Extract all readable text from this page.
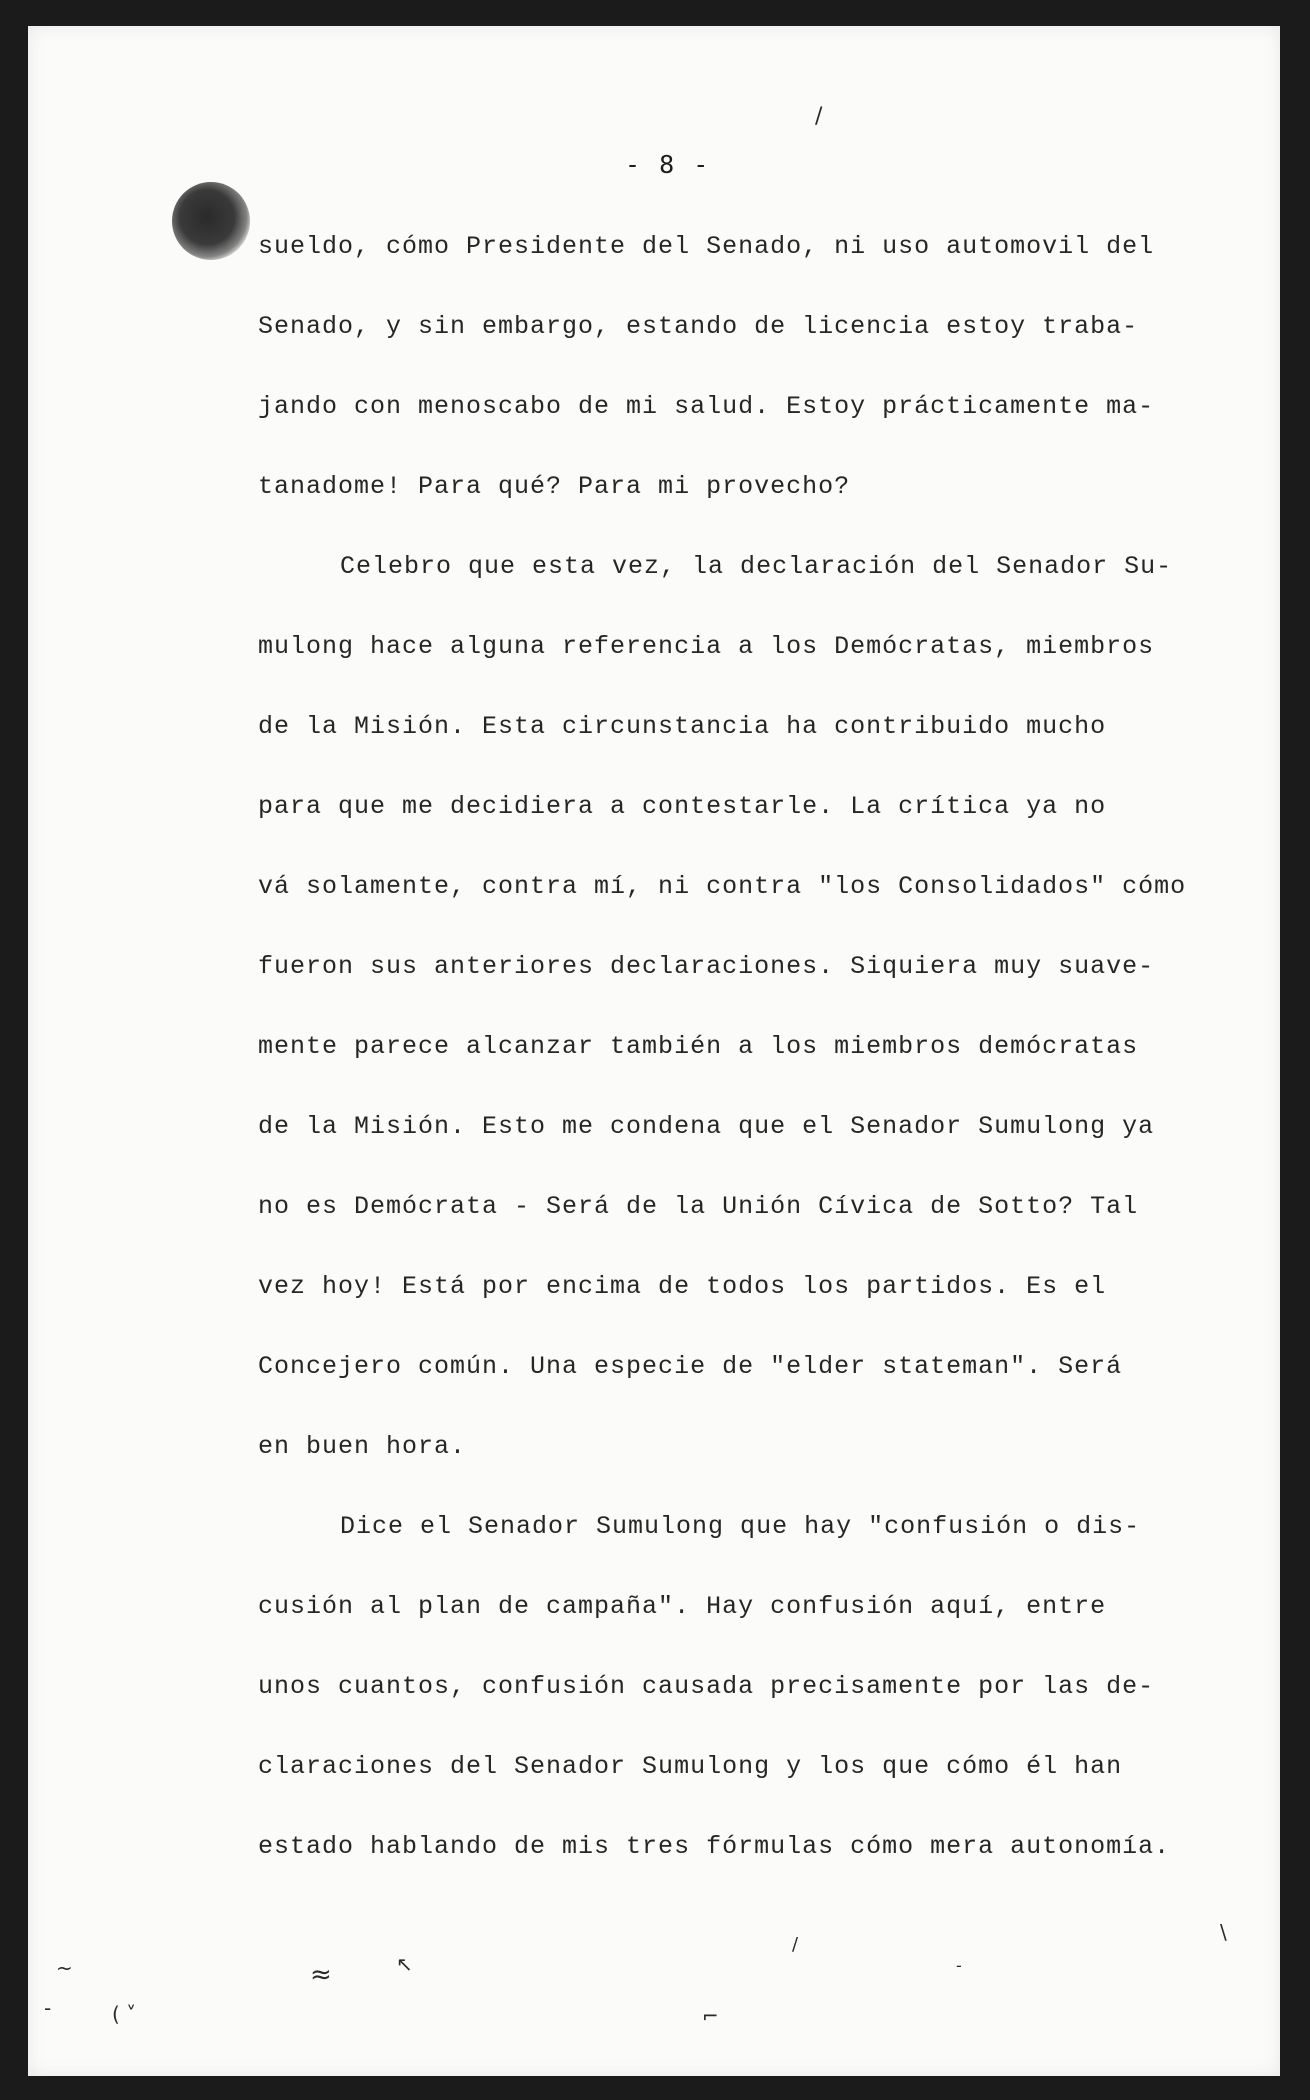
- 8 -
sueldo, cómo Presidente del Senado, ni uso automovil del
Senado, y sin embargo, estando de licencia estoy traba-
jando con menoscabo de mi salud. Estoy prácticamente ma-
tanadome! Para qué? Para mi provecho?
Celebro que esta vez, la declaración del Senador Su-
mulong hace alguna referencia a los Demócratas, miembros
de la Misión. Esta circunstancia ha contribuido mucho
para que me decidiera a contestarle. La crítica ya no
vá solamente, contra mí, ni contra "los Consolidados" cómo
fueron sus anteriores declaraciones. Siquiera muy suave-
mente parece alcanzar también a los miembros demócratas
de la Misión. Esto me condena que el Senador Sumulong ya
no es Demócrata - Será de la Unión Cívica de Sotto? Tal
vez hoy! Está por encima de todos los partidos. Es el
Concejero común. Una especie de "elder stateman". Será
en buen hora.
Dice el Senador Sumulong que hay "confusión o dis-
cusión al plan de campaña". Hay confusión aquí, entre
unos cuantos, confusión causada precisamente por las de-
claraciones del Senador Sumulong y los que cómo él han
estado hablando de mis tres fórmulas cómo mera autonomía.
/
~
-	( ˅
≈	↖
/
⌐
-
\
